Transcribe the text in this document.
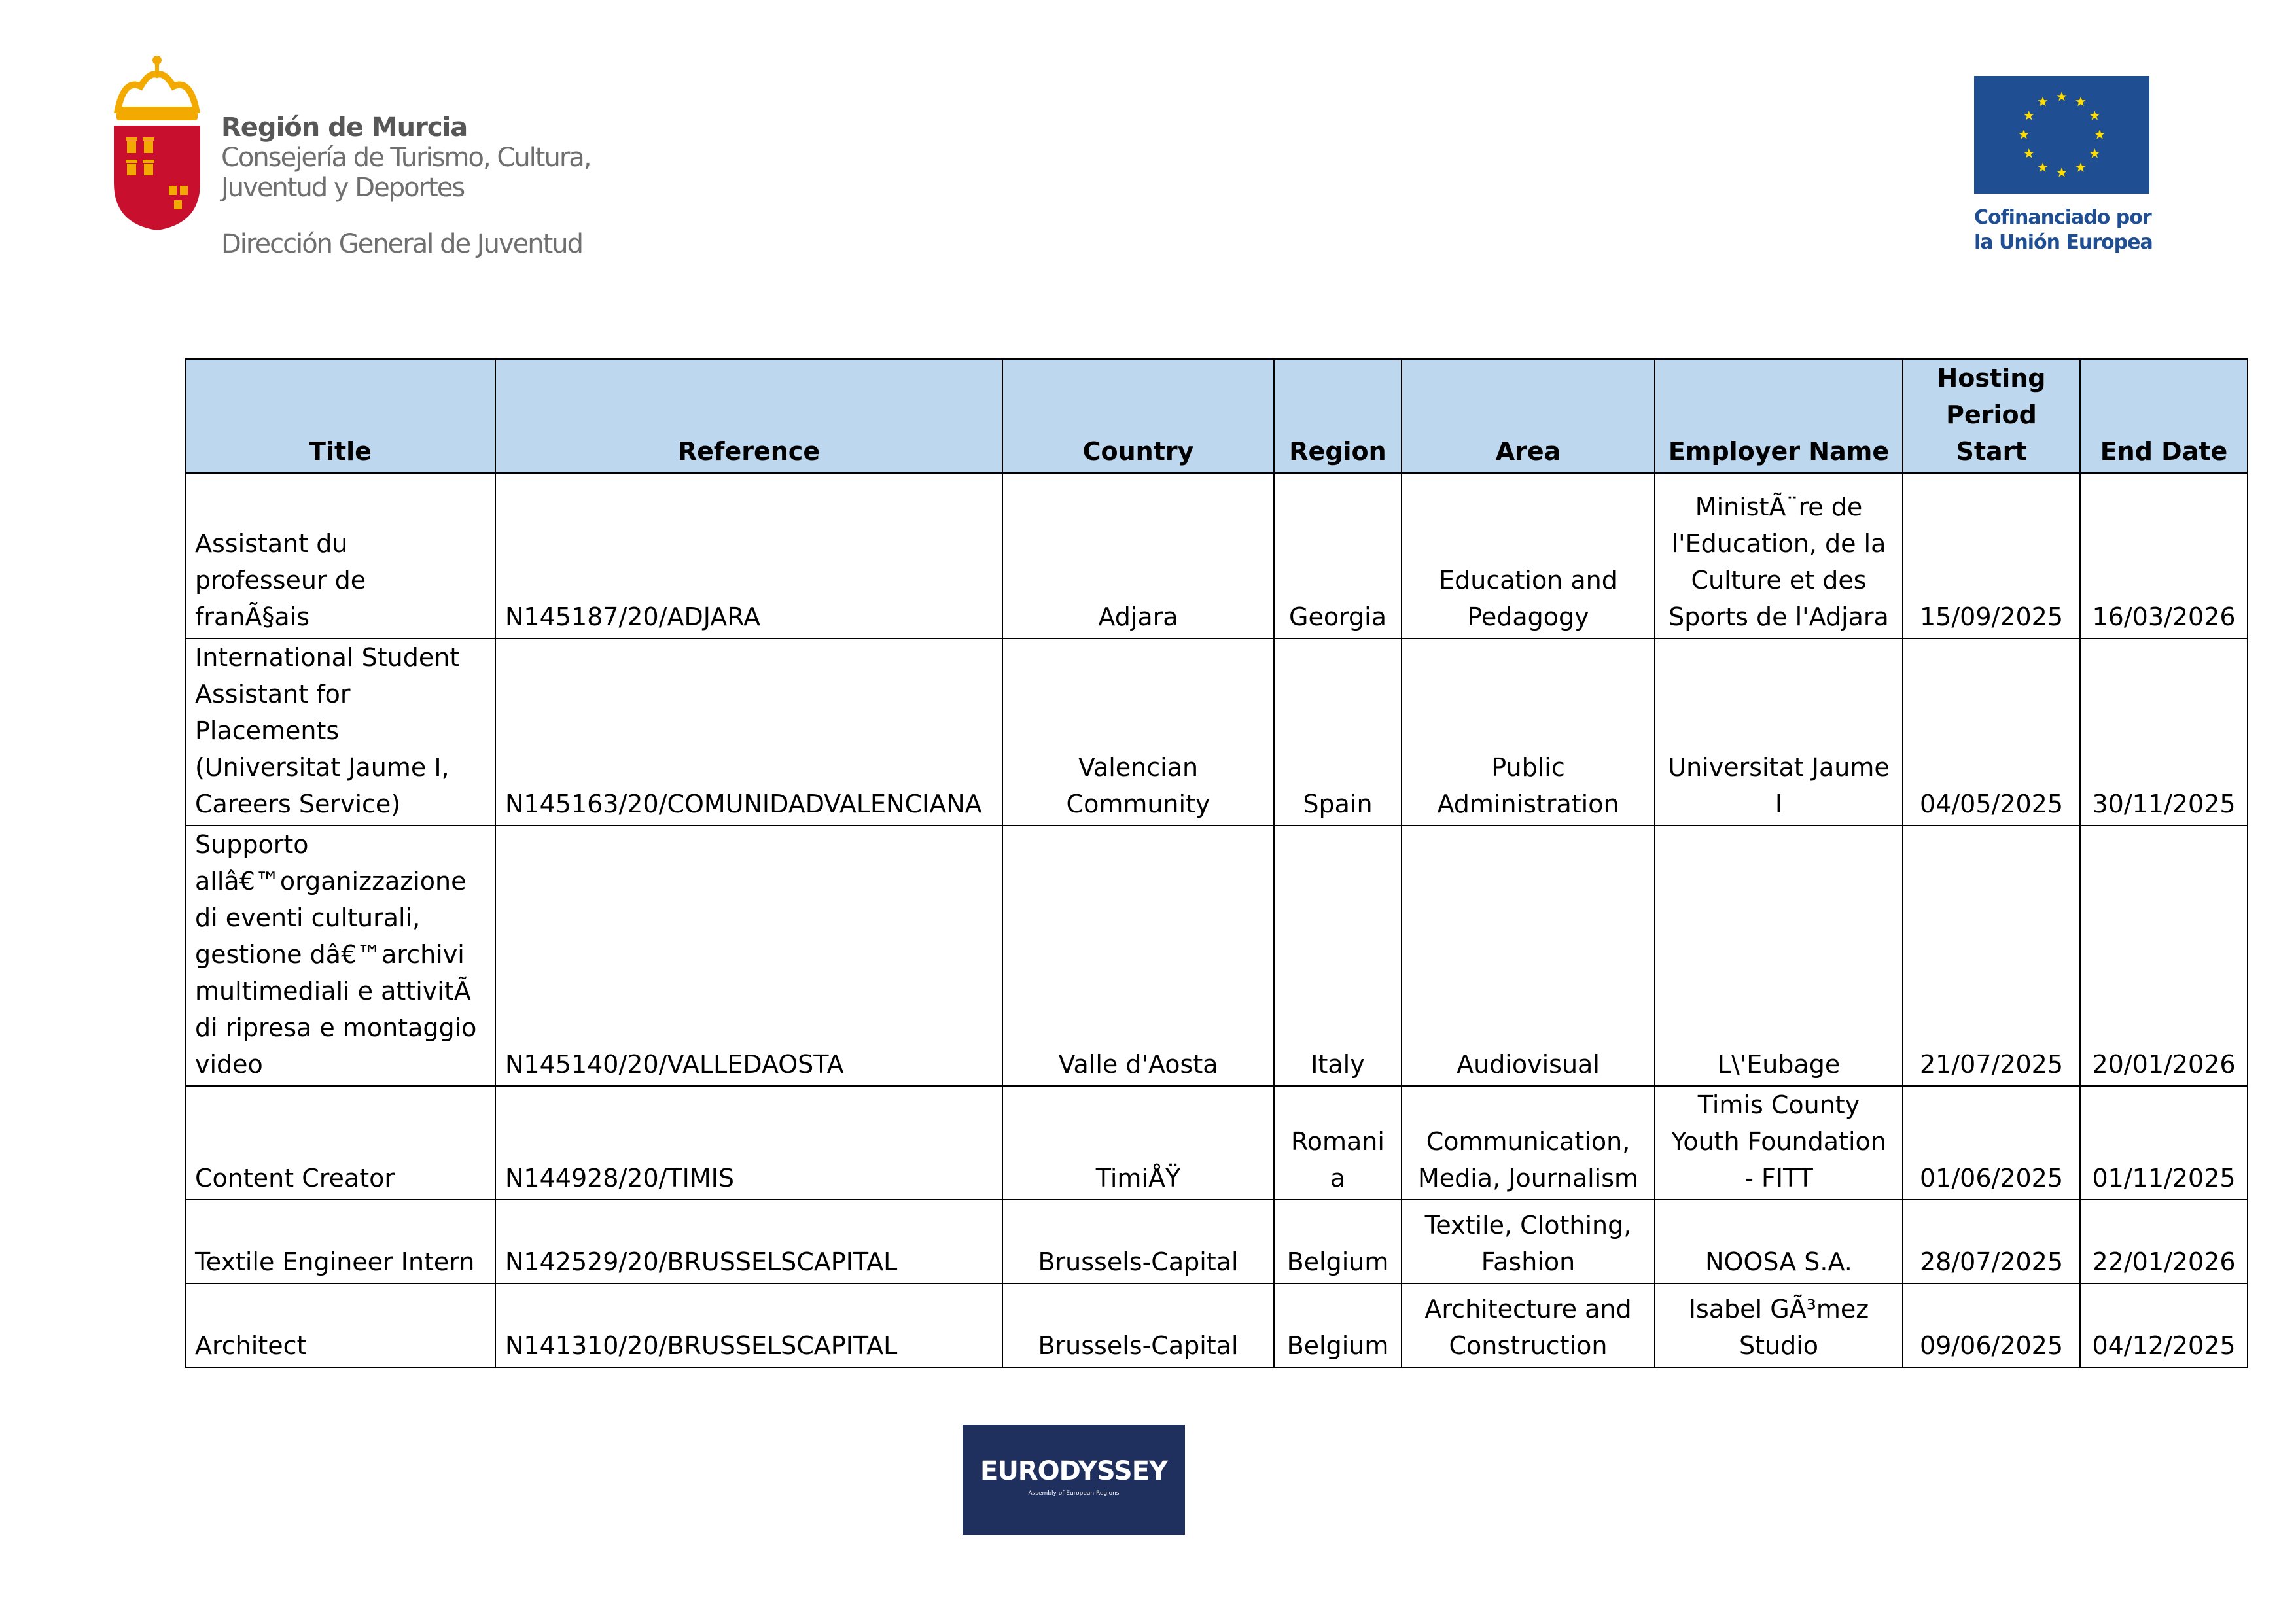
Región de Murcia
Consejería de Turismo, Cultura,
Juventud y Deportes
Dirección General de Juventud
Cofinanciado por
la Unión Europea
Title	Reference	Country	Region	Area	Employer Name	Hosting Period Start	End Date
Assistant du professeur de franÃ§ais	N145187/20/ADJARA	Adjara	Georgia	Education and Pedagogy	MinistÃ¨re de l'Education, de la Culture et des Sports de l'Adjara	15/09/2025	16/03/2026
International Student Assistant for Placements (Universitat Jaume I, Careers Service)	N145163/20/COMUNIDADVALENCIANA	Valencian Community	Spain	Public Administration	Universitat Jaume I	04/05/2025	30/11/2025
Supporto allâ€™organizzazione di eventi culturali, gestione dâ€™archivi multimediali e attivitÃ di ripresa e montaggio video	N145140/20/VALLEDAOSTA	Valle d'Aosta	Italy	Audiovisual	L\'Eubage	21/07/2025	20/01/2026
Content Creator	N144928/20/TIMIS	TimiÅŸ	Romania	Communication, Media, Journalism	Timis County Youth Foundation - FITT	01/06/2025	01/11/2025
Textile Engineer Intern	N142529/20/BRUSSELSCAPITAL	Brussels-Capital	Belgium	Textile, Clothing, Fashion	NOOSA S.A.	28/07/2025	22/01/2026
Architect	N141310/20/BRUSSELSCAPITAL	Brussels-Capital	Belgium	Architecture and Construction	Isabel GÃ³mez Studio	09/06/2025	04/12/2025
EURODYSSEY
Assembly of European Regions
